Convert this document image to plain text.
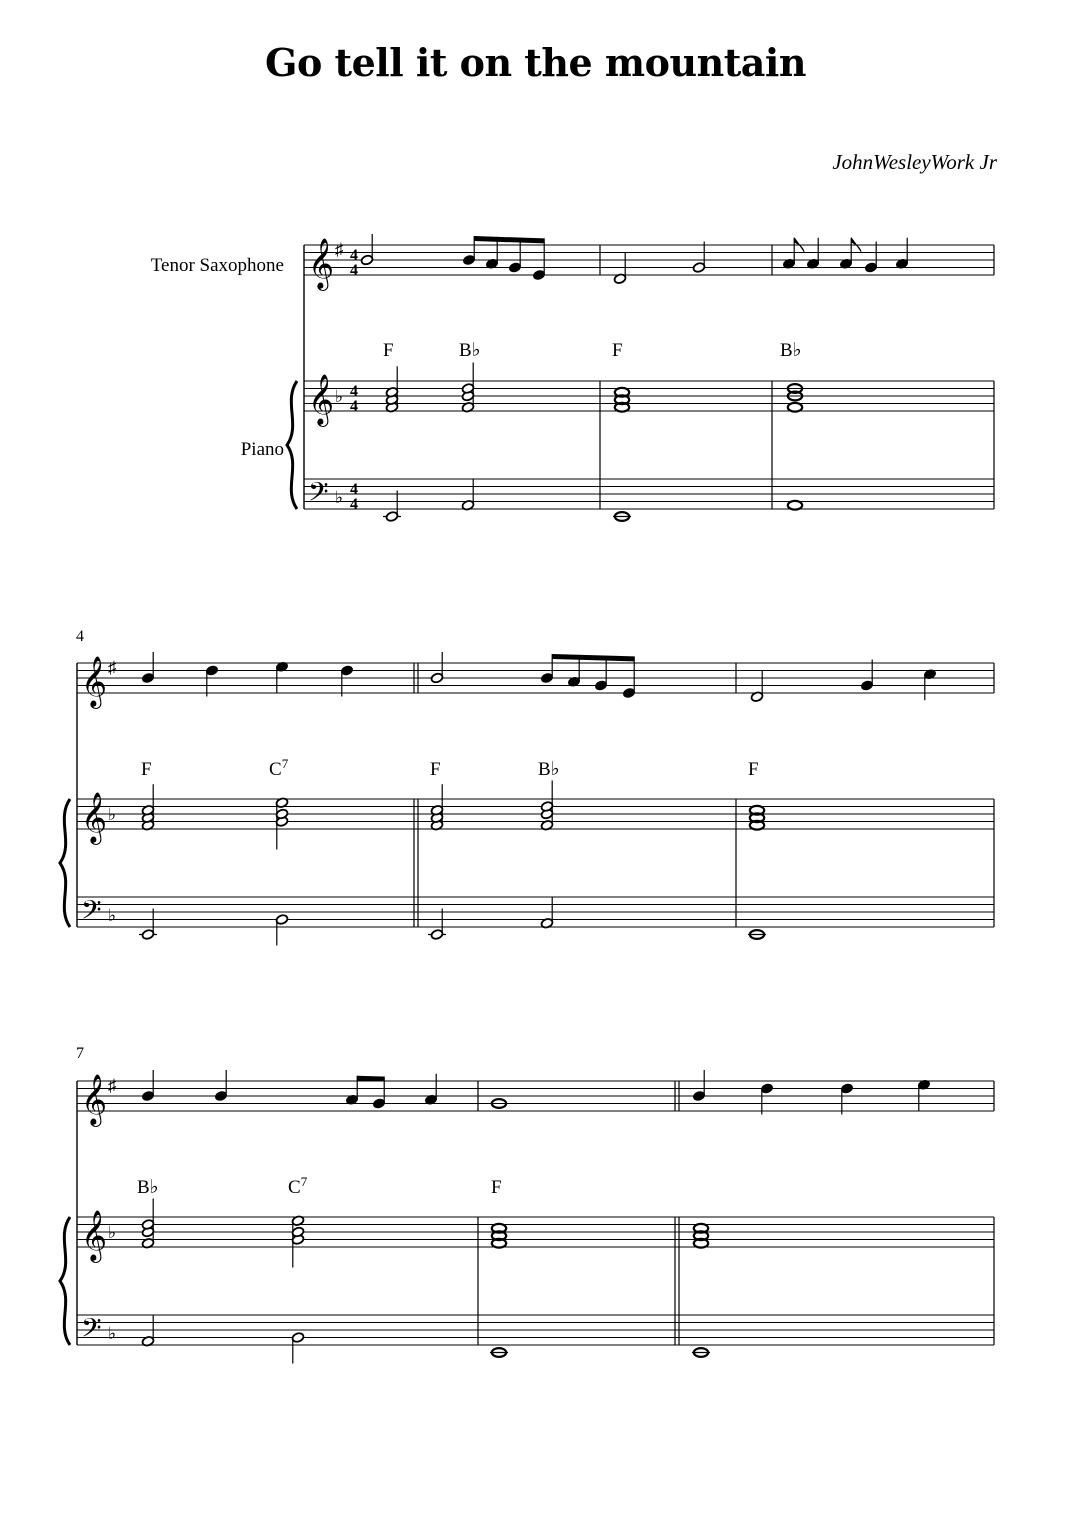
Go tell it on the mountain
JohnWesleyWork Jr
Tenor Saxophone
Piano
4
7
F	B♭	F	B♭
F	$C^7$	F	B♭	F
B♭	$C^7$	F
𝄞 ♯
𝄞 ♭
𝄢 ♭
4
4
4
4
4
4
𝄞 ♯
𝄞 ♭
𝄢 ♭
𝄞 ♯
𝄞 ♭
𝄢 ♭
